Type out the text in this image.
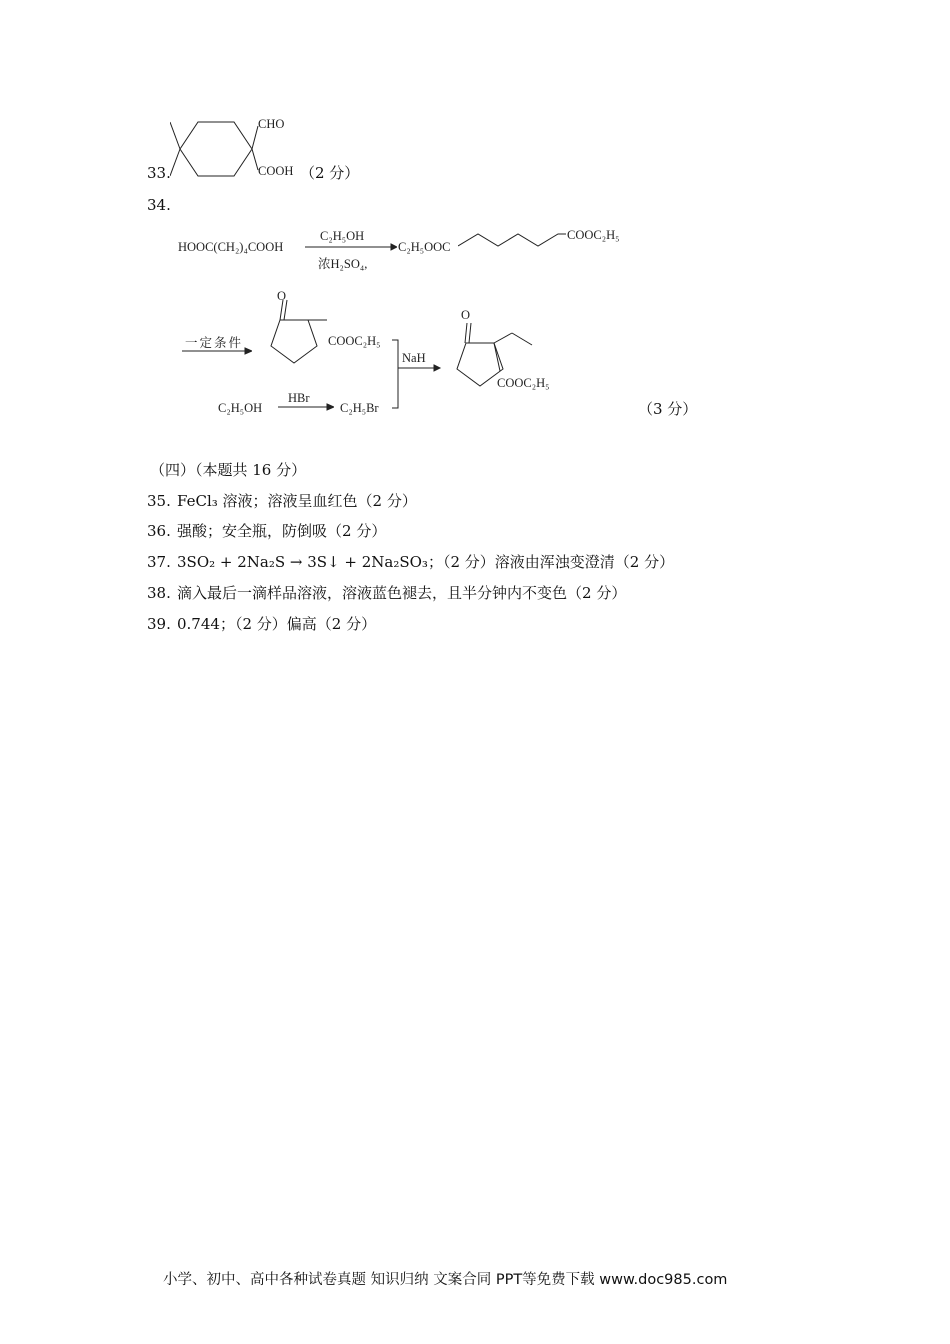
33.
CHO
COOH （2 分）
34.
HOOC(CH₂)₄COOH
C₂H₅OH
浓H₂SO₄,
C₂H₅OOC
COOC₂H₅
一定条件
O
COOC₂H₅
NaH
C₂H₅OH
HBr
C₂H₅Br
O
COOC₂H₅
（3 分）
（四）（本题共 16 分）
35. FeCl₃ 溶液；溶液呈血红色（2 分）
36. 强酸；安全瓶，防倒吸（2 分）
37. 3SO₂ + 2Na₂S → 3S↓ + 2Na₂SO₃；（2 分）溶液由浑浊变澄清（2 分）
38. 滴入最后一滴样品溶液，溶液蓝色褪去，且半分钟内不变色（2 分）
39. 0.744；（2 分）偏高（2 分）
小学、初中、高中各种试卷真题 知识归纳 文案合同 PPT等免费下载 www.doc985.com
